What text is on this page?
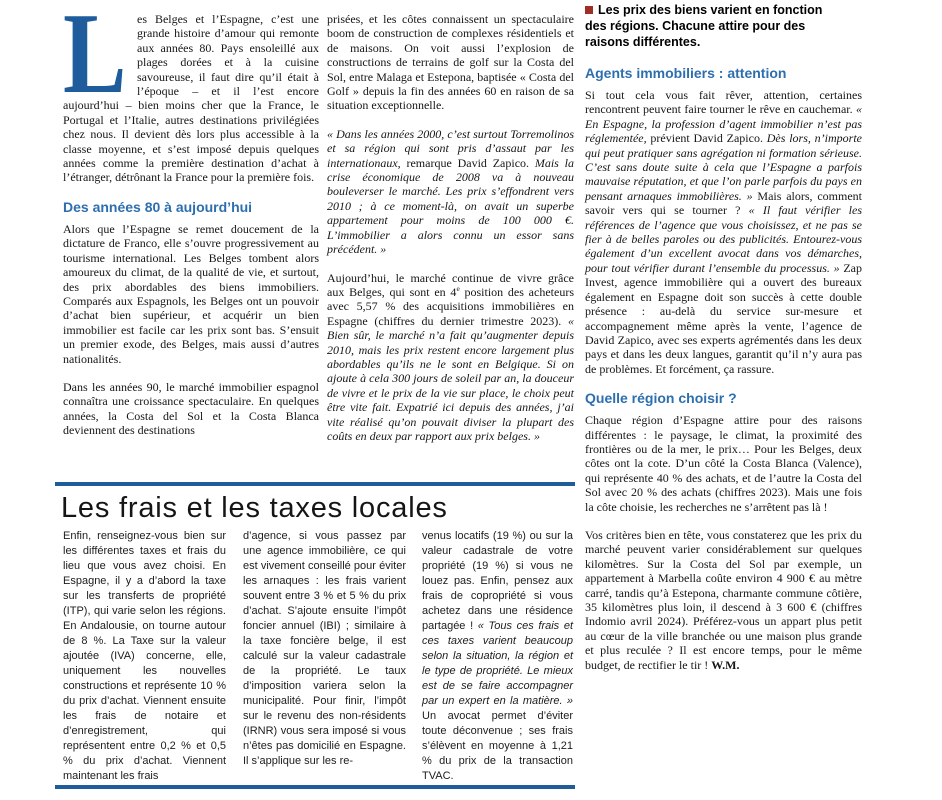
Les Belges et l’Espagne, c’est une grande histoire d’amour qui remonte aux années 80. Pays ensoleillé aux plages dorées et à la cuisine savoureuse, il faut dire qu’il était à l’époque – et il l’est encore aujourd’hui – bien moins cher que la France, le Portugal et l’Italie, autres destinations privilégiées chez nous. Il devient dès lors plus accessible à la classe moyenne, et s’est imposé depuis quelques années comme la première destination d’achat à l’étranger, détrônant la France pour la première fois.

Des années 80 à aujourd’hui

Alors que l’Espagne se remet doucement de la dictature de Franco, elle s’ouvre progressivement au tourisme international. Les Belges tombent alors amoureux du climat, de la qualité de vie, et surtout, des prix abordables des biens immobiliers. Comparés aux Espagnols, les Belges ont un pouvoir d’achat bien supérieur, et acquérir un bien immobilier est facile car les prix sont bas. S’ensuit un premier exode, des Belges, mais aussi d’autres nationalités.

Dans les années 90, le marché immobilier espagnol connaîtra une croissance spectaculaire. En quelques années, la Costa del Sol et la Costa Blanca deviennent des destinations

prisées, et les côtes connaissent un spectaculaire boom de construction de complexes résidentiels et de maisons. On voit aussi l’explosion de constructions de terrains de golf sur la Costa del Sol, entre Malaga et Estepona, baptisée « Costa del Golf » depuis la fin des années 60 en raison de sa situation exceptionnelle.

« Dans les années 2000, c’est surtout Torremolinos et sa région qui sont pris d’assaut par les internationaux, remarque David Zapico. Mais la crise économique de 2008 va à nouveau bouleverser le marché. Les prix s’effondrent vers 2010 ; à ce moment-là, on avait un superbe appartement pour moins de 100 000 €. L’immobilier a alors connu un essor sans précédent. »

Aujourd’hui, le marché continue de vivre grâce aux Belges, qui sont en 4e position des acheteurs avec 5,57 % des acquisitions immobilières en Espagne (chiffres du dernier trimestre 2023). « Bien sûr, le marché n’a fait qu’augmenter depuis 2010, mais les prix restent encore largement plus abordables qu’ils ne le sont en Belgique. Si on ajoute à cela 300 jours de soleil par an, la douceur de vivre et le prix de la vie sur place, le choix peut être vite fait. Expatrié ici depuis des années, j’ai vite réalisé qu’on pouvait diviser la plupart des coûts en deux par rapport aux prix belges. »

Les prix des biens varient en fonction des régions. Chacune attire pour des raisons différentes.

Agents immobiliers : attention

Si tout cela vous fait rêver, attention, certaines rencontrent peuvent faire tourner le rêve en cauchemar. « En Espagne, la profession d’agent immobilier n’est pas réglementée, prévient David Zapico. Dès lors, n’importe qui peut pratiquer sans agrégation ni formation sérieuse. C’est sans doute suite à cela que l’Espagne a parfois mauvaise réputation, et que l’on parle parfois du pays en pensant arnaques immobilières. » Mais alors, comment savoir vers qui se tourner ? « Il faut vérifier les références de l’agence que vous choisissez, et ne pas se fier à de belles paroles ou des publicités. Entourez-vous également d’un excellent avocat dans vos démarches, pour tout vérifier durant l’ensemble du processus. » Zap Invest, agence immobilière qui a ouvert des bureaux également en Espagne doit son succès à cette double présence : au-delà du service sur-mesure et accompagnement même après la vente, l’agence de David Zapico, avec ses experts agrémentés dans les deux pays et dans les deux langues, garantit qu’il n’y aura pas de problèmes. Et forcément, ça rassure.

Quelle région choisir ?

Chaque région d’Espagne attire pour des raisons différentes : le paysage, le climat, la proximité des frontières ou de la mer, le prix… Pour les Belges, deux côtes ont la cote. D’un côté la Costa Blanca (Valence), qui représente 40 % des achats, et de l’autre la Costa del Sol avec 20 % des achats (chiffres 2023). Mais une fois la côte choisie, les recherches ne s’arrêtent pas là !

Vos critères bien en tête, vous constaterez que les prix du marché peuvent varier considérablement sur quelques kilomètres. Sur la Costa del Sol par exemple, un appartement à Marbella coûte environ 4 900 € au mètre carré, tandis qu’à Estepona, charmante commune côtière, 35 kilomètres plus loin, il descend à 3 600 € (chiffres Indomio avril 2024). Préférez-vous un appart plus petit au cœur de la ville branchée ou une maison plus grande et plus reculée ? Il est encore temps, pour le même budget, de rectifier le tir ! W.M.

Les frais et les taxes locales
Enfin, renseignez-vous bien sur les différentes taxes et frais du lieu que vous avez choisi. En Espagne, il y a d’abord la taxe sur les transferts de propriété (ITP), qui varie selon les régions. En Andalousie, on tourne autour de 8 %. La Taxe sur la valeur ajoutée (IVA) concerne, elle, uniquement les nouvelles constructions et représente 10 % du prix d’achat. Viennent ensuite les frais de notaire et d’enregistrement, qui représentent entre 0,2 % et 0,5 % du prix d’achat. Viennent maintenant les frais
d’agence, si vous passez par une agence immobilière, ce qui est vivement conseillé pour éviter les arnaques : les frais varient souvent entre 3 % et 5 % du prix d’achat. S’ajoute ensuite l’impôt foncier annuel (IBI) ; similaire à la taxe foncière belge, il est calculé sur la valeur cadastrale de la propriété. Le taux d’imposition variera selon la municipalité. Pour finir, l’impôt sur le revenu des non-résidents (IRNR) vous sera imposé si vous n’êtes pas domicilié en Espagne. Il s’applique sur les re-
venus locatifs (19 %) ou sur la valeur cadastrale de votre propriété (19 %) si vous ne louez pas. Enfin, pensez aux frais de copropriété si vous achetez dans une résidence partagée ! « Tous ces frais et ces taxes varient beaucoup selon la situation, la région et le type de propriété. Le mieux est de se faire accompagner par un expert en la matière. » Un avocat permet d’éviter toute déconvenue ; ses frais s’élèvent en moyenne à 1,21 % du prix de la transaction TVAC.
